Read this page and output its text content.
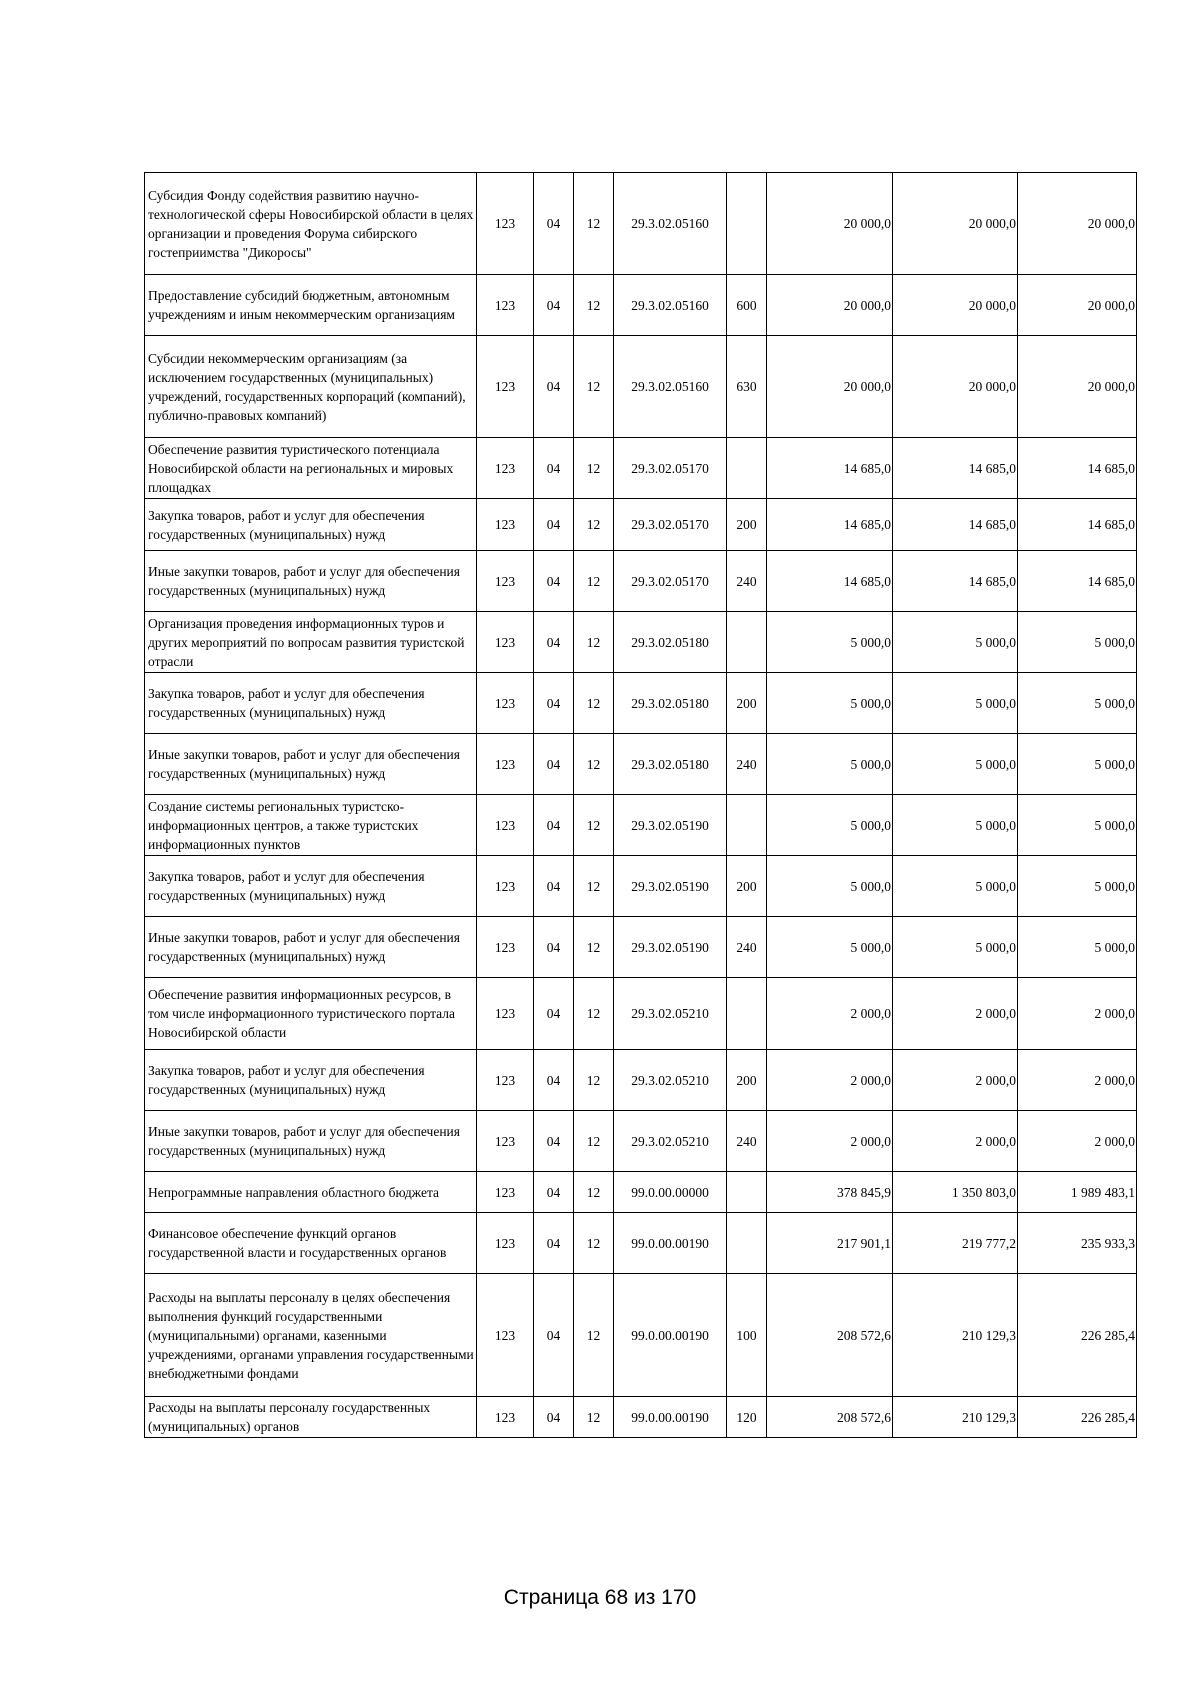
Субсидия Фонду содействия развитию научно-технологической сферы Новосибирской области в целях организации и проведения Форума сибирского гостеприимства "Дикоросы"	123	04	12	29.3.02.05160		20 000,0	20 000,0	20 000,0
Предоставление субсидий бюджетным, автономным учреждениям и иным некоммерческим организациям	123	04	12	29.3.02.05160	600	20 000,0	20 000,0	20 000,0
Субсидии некоммерческим организациям (за исключением государственных (муниципальных) учреждений, государственных корпораций (компаний), публично-правовых компаний)	123	04	12	29.3.02.05160	630	20 000,0	20 000,0	20 000,0
Обеспечение развития туристического потенциала Новосибирской области на региональных и мировых площадках	123	04	12	29.3.02.05170		14 685,0	14 685,0	14 685,0
Закупка товаров, работ и услуг для обеспечения государственных (муниципальных) нужд	123	04	12	29.3.02.05170	200	14 685,0	14 685,0	14 685,0
Иные закупки товаров, работ и услуг для обеспечения государственных (муниципальных) нужд	123	04	12	29.3.02.05170	240	14 685,0	14 685,0	14 685,0
Организация проведения информационных туров и других мероприятий по вопросам развития туристской отрасли	123	04	12	29.3.02.05180		5 000,0	5 000,0	5 000,0
Закупка товаров, работ и услуг для обеспечения государственных (муниципальных) нужд	123	04	12	29.3.02.05180	200	5 000,0	5 000,0	5 000,0
Иные закупки товаров, работ и услуг для обеспечения государственных (муниципальных) нужд	123	04	12	29.3.02.05180	240	5 000,0	5 000,0	5 000,0
Создание системы региональных туристско-информационных центров, а также туристских информационных пунктов	123	04	12	29.3.02.05190		5 000,0	5 000,0	5 000,0
Закупка товаров, работ и услуг для обеспечения государственных (муниципальных) нужд	123	04	12	29.3.02.05190	200	5 000,0	5 000,0	5 000,0
Иные закупки товаров, работ и услуг для обеспечения государственных (муниципальных) нужд	123	04	12	29.3.02.05190	240	5 000,0	5 000,0	5 000,0
Обеспечение развития информационных ресурсов, в том числе информационного туристического портала Новосибирской области	123	04	12	29.3.02.05210		2 000,0	2 000,0	2 000,0
Закупка товаров, работ и услуг для обеспечения государственных (муниципальных) нужд	123	04	12	29.3.02.05210	200	2 000,0	2 000,0	2 000,0
Иные закупки товаров, работ и услуг для обеспечения государственных (муниципальных) нужд	123	04	12	29.3.02.05210	240	2 000,0	2 000,0	2 000,0
Непрограммные направления областного бюджета	123	04	12	99.0.00.00000		378 845,9	1 350 803,0	1 989 483,1
Финансовое обеспечение функций органов государственной власти и государственных органов	123	04	12	99.0.00.00190		217 901,1	219 777,2	235 933,3
Расходы на выплаты персоналу в целях обеспечения выполнения функций государственными (муниципальными) органами, казенными учреждениями, органами управления государственными внебюджетными фондами	123	04	12	99.0.00.00190	100	208 572,6	210 129,3	226 285,4
Расходы на выплаты персоналу государственных (муниципальных) органов	123	04	12	99.0.00.00190	120	208 572,6	210 129,3	226 285,4
Страница 68 из 170
